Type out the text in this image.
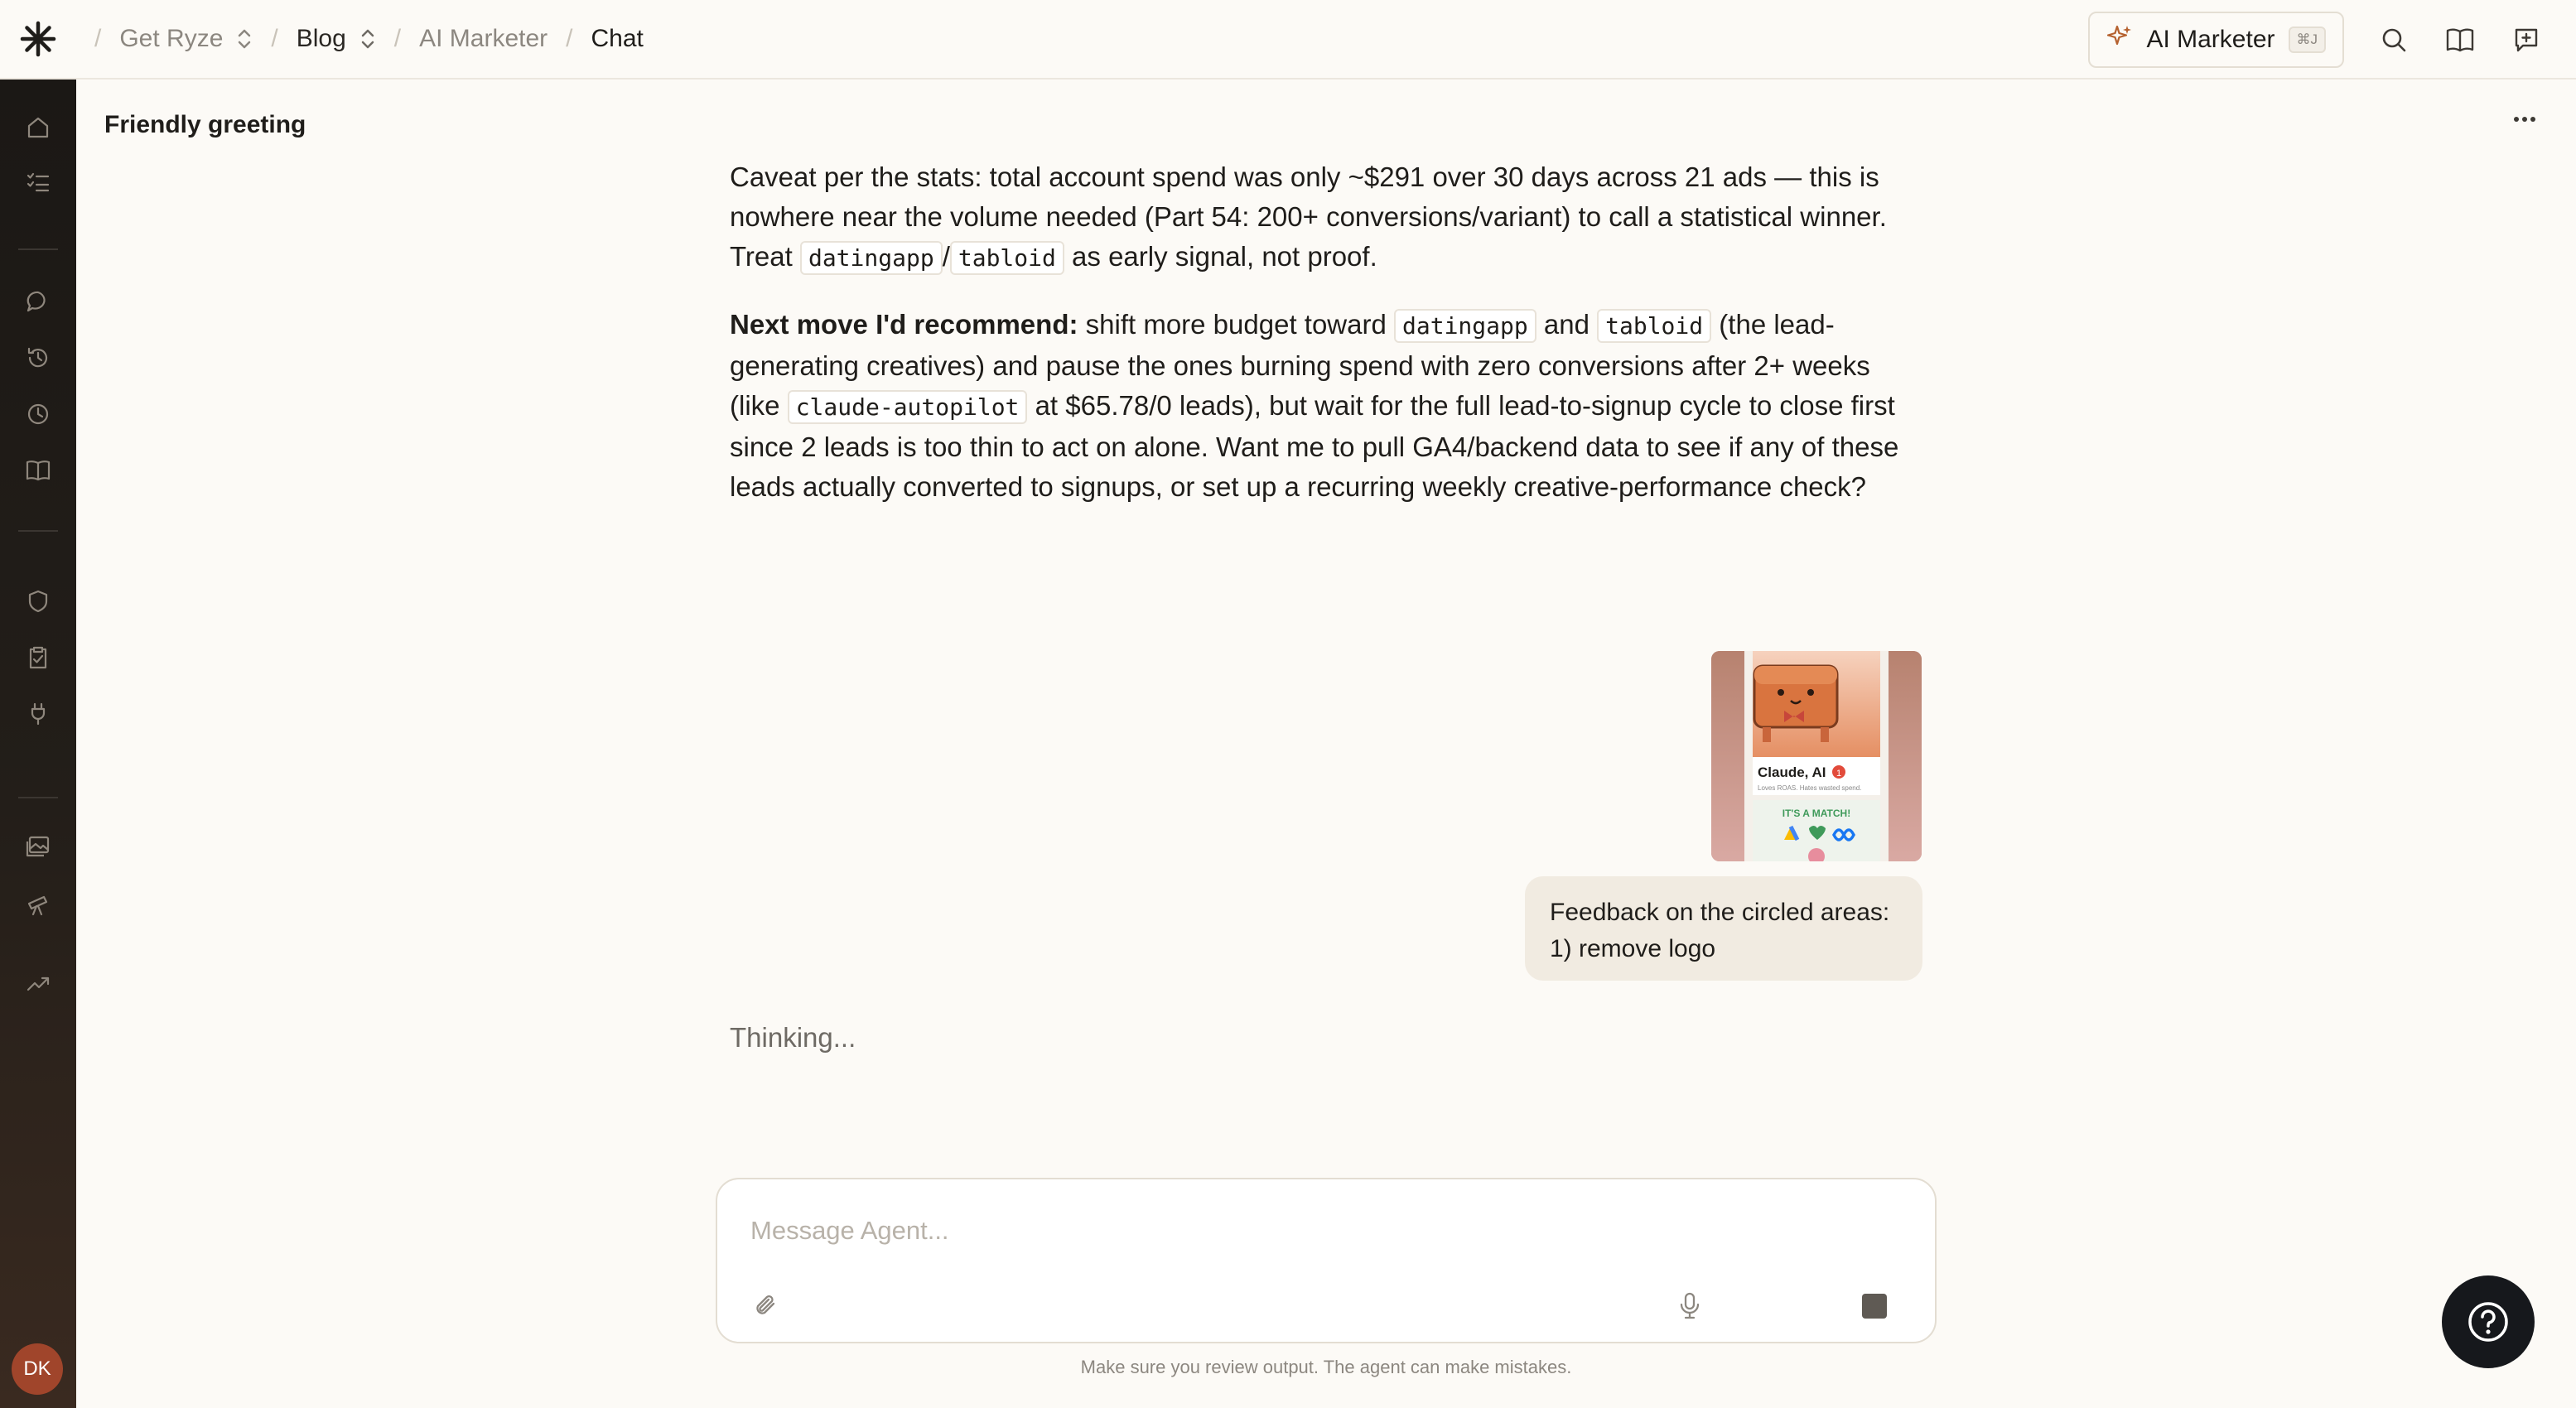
/ Get Ryze / Blog / AI Marketer / Chat	AI Marketer	⌘J
DK
Friendly greeting

Caveat per the stats: total account spend was only ~$291 over 30 days across 21 ads — this is nowhere near the volume needed (Part 54: 200+ conversions/variant) to call a statistical winner. Treat datingapp / tabloid as early signal, not proof.

Next move I'd recommend: shift more budget toward datingapp and tabloid (the lead-generating creatives) and pause the ones burning spend with zero conversions after 2+ weeks (like claude-autopilot at $65.78/0 leads), but wait for the full lead-to-signup cycle to close first since 2 leads is too thin to act on alone. Want me to pull GA4/backend data to see if any of these leads actually converted to signups, or set up a recurring weekly creative-performance check?

Claude, AI 1
Loves ROAS. Hates wasted spend.
IT'S A MATCH!
Feedback on the circled areas:
1) remove logo
Thinking...
Message Agent...
Make sure you review output. The agent can make mistakes.
